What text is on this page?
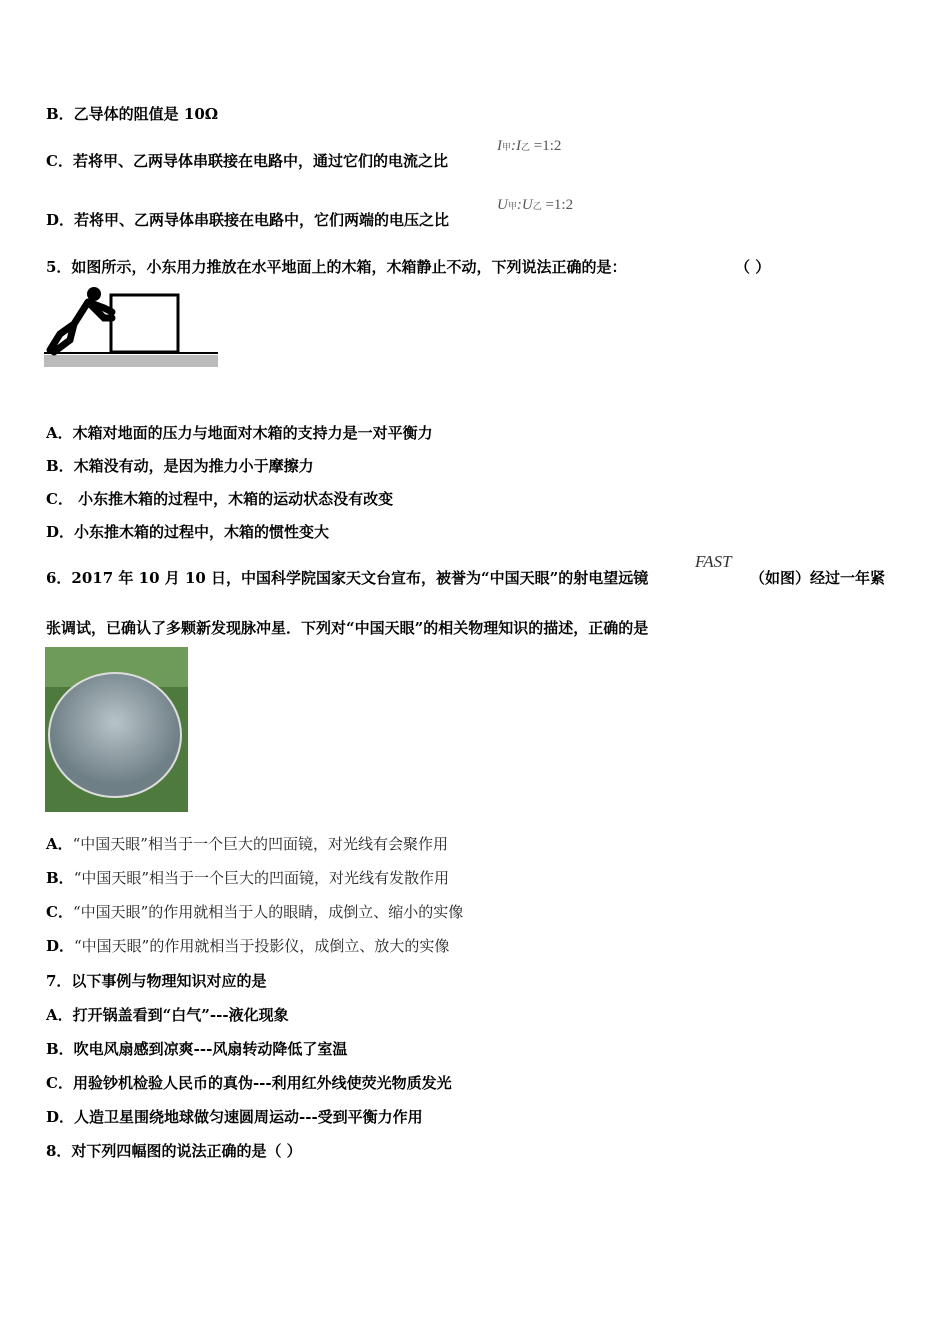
B．乙导体的阻值是 10Ω
C．若将甲、乙两导体串联接在电路中，通过它们的电流之比
I甲:I乙 =1:2
D．若将甲、乙两导体串联接在电路中，它们两端的电压之比
U甲:U乙 =1:2
5．如图所示，小东用力推放在水平地面上的木箱，木箱静止不动，下列说法正确的是：	（ ）
A．木箱对地面的压力与地面对木箱的支持力是一对平衡力
B．木箱没有动，是因为推力小于摩擦力
C． 小东推木箱的过程中，木箱的运动状态没有改变
D．小东推木箱的过程中，木箱的惯性变大
6．2017 年 10 月 10 日，中国科学院国家天文台宣布，被誉为“中国天眼”的射电望远镜
FAST
（如图）经过一年紧
张调试，已确认了多颗新发现脉冲星．下列对“中国天眼”的相关物理知识的描述，正确的是
A．“中国天眼”相当于一个巨大的凹面镜，对光线有会聚作用
B．“中国天眼”相当于一个巨大的凹面镜，对光线有发散作用
C．“中国天眼”的作用就相当于人的眼睛，成倒立、缩小的实像
D．“中国天眼”的作用就相当于投影仪，成倒立、放大的实像
7．以下事例与物理知识对应的是
A．打开锅盖看到“白气”---液化现象
B．吹电风扇感到凉爽---风扇转动降低了室温
C．用验钞机检验人民币的真伪---利用红外线使荧光物质发光
D．人造卫星围绕地球做匀速圆周运动---受到平衡力作用
8．对下列四幅图的说法正确的是（ ）
